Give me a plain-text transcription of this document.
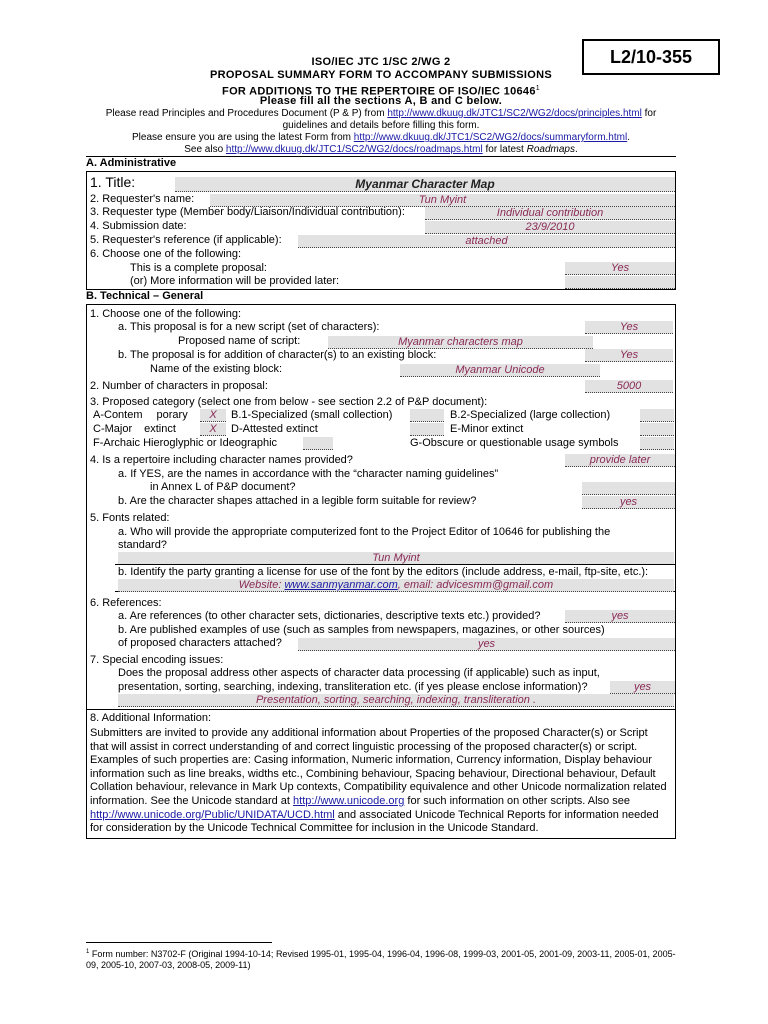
L2/10-355
ISO/IEC JTC 1/SC 2/WG 2
PROPOSAL SUMMARY FORM TO ACCOMPANY SUBMISSIONS
FOR ADDITIONS TO THE REPERTOIRE OF ISO/IEC 10646$^1$
Please fill all the sections A, B and C below.
Please read Principles and Procedures Document (P & P) from http://www.dkuug.dk/JTC1/SC2/WG2/docs/principles.html for
guidelines and details before filling this form.
Please ensure you are using the latest Form from http://www.dkuug.dk/JTC1/SC2/WG2/docs/summaryform.html.
See also http://www.dkuug.dk/JTC1/SC2/WG2/docs/roadmaps.html for latest Roadmaps.
A. Administrative
1. Title:	Myanmar Character Map
2. Requester's name:	Tun Myint
3. Requester type (Member body/Liaison/Individual contribution):	Individual contribution
4. Submission date:	23/9/2010
5. Requester's reference (if applicable):	attached
6. Choose one of the following:
This is a complete proposal:	Yes
(or) More information will be provided later:
B. Technical – General
1. Choose one of the following:
a. This proposal is for a new script (set of characters):	Yes
Proposed name of script:	Myanmar characters map
b. The proposal is for addition of character(s) to an existing block:	Yes
Name of the existing block:	Myanmar Unicode
2. Number of characters in proposal:	5000
3. Proposed category (select one from below - see section 2.2 of P&P document):
A-Contem porary	X	B.1-Specialized (small collection)	B.2-Specialized (large collection)
C-Major extinct	X	D-Attested extinct	E-Minor extinct
F-Archaic Hieroglyphic or Ideographic	G-Obscure or questionable usage symbols
4. Is a repertoire including character names provided?	provide later
a. If YES, are the names in accordance with the “character naming guidelines”
in Annex L of P&P document?
b. Are the character shapes attached in a legible form suitable for review?	yes
5. Fonts related:
a. Who will provide the appropriate computerized font to the Project Editor of 10646 for publishing the
standard?
Tun Myint
b. Identify the party granting a license for use of the font by the editors (include address, e-mail, ftp-site, etc.):
Website: www.sanmyanmar.com, email: advicesmm@gmail.com
6. References:
a. Are references (to other character sets, dictionaries, descriptive texts etc.) provided?	yes
b. Are published examples of use (such as samples from newspapers, magazines, or other sources)
of proposed characters attached?	yes
7. Special encoding issues:
Does the proposal address other aspects of character data processing (if applicable) such as input,
presentation, sorting, searching, indexing, transliteration etc. (if yes please enclose information)?	yes
Presentation, sorting, searching, indexing, transliteration .
8. Additional Information:
Submitters are invited to provide any additional information about Properties of the proposed Character(s) or Script that will assist in correct understanding of and correct linguistic processing of the proposed character(s) or script. Examples of such properties are: Casing information, Numeric information, Currency information, Display behaviour information such as line breaks, widths etc., Combining behaviour, Spacing behaviour, Directional behaviour, Default Collation behaviour, relevance in Mark Up contexts, Compatibility equivalence and other Unicode normalization related information. See the Unicode standard at http://www.unicode.org for such information on other scripts. Also see http://www.unicode.org/Public/UNIDATA/UCD.html and associated Unicode Technical Reports for information needed for consideration by the Unicode Technical Committee for inclusion in the Unicode Standard.
$^1$ Form number: N3702-F (Original 1994-10-14; Revised 1995-01, 1995-04, 1996-04, 1996-08, 1999-03, 2001-05, 2001-09, 2003-11, 2005-01, 2005-09, 2005-10, 2007-03, 2008-05, 2009-11)
